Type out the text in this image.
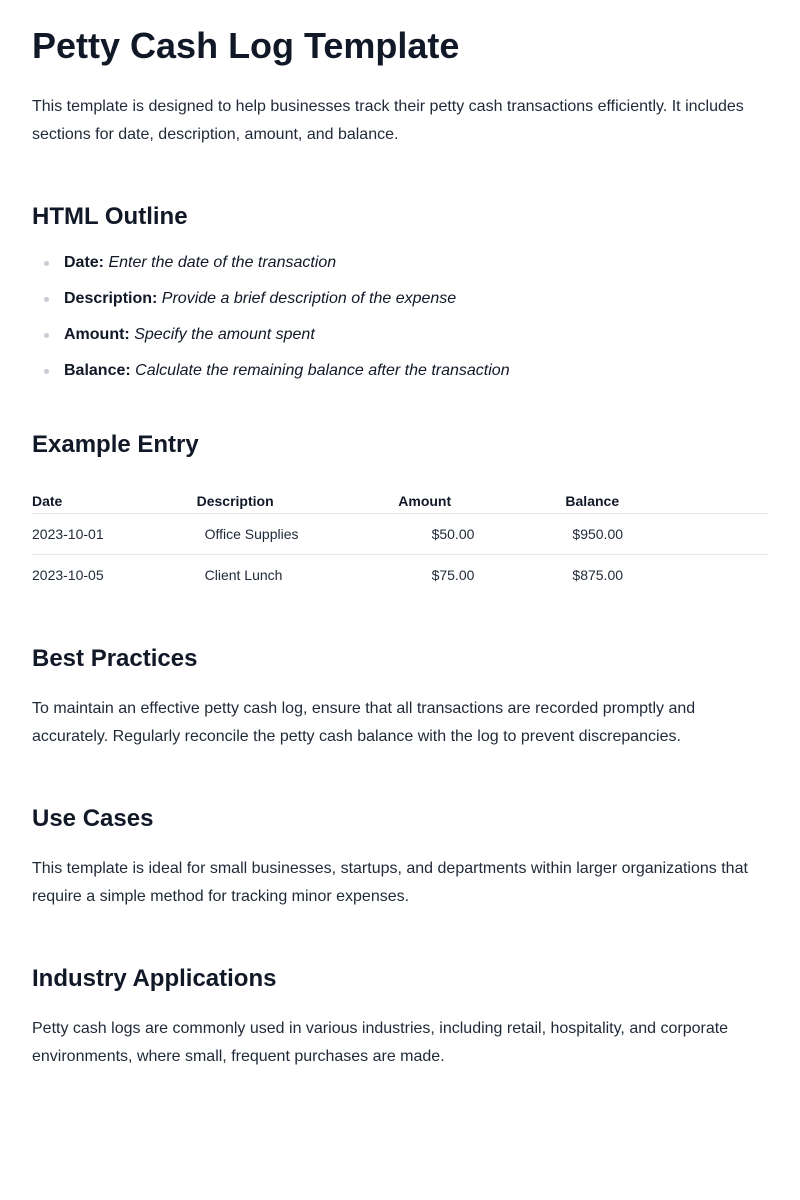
Petty Cash Log Template

This template is designed to help businesses track their petty cash transactions efficiently. It includes sections for date, description, amount, and balance.

HTML Outline
Date: Enter the date of the transaction
Description: Provide a brief description of the expense
Amount: Specify the amount spent
Balance: Calculate the remaining balance after the transaction
Example Entry
Date	Description	Amount	Balance
2023-10-01	Office Supplies	$50.00	$950.00
2023-10-05	Client Lunch	$75.00	$875.00
Best Practices

To maintain an effective petty cash log, ensure that all transactions are recorded promptly and accurately. Regularly reconcile the petty cash balance with the log to prevent discrepancies.

Use Cases

This template is ideal for small businesses, startups, and departments within larger organizations that require a simple method for tracking minor expenses.

Industry Applications

Petty cash logs are commonly used in various industries, including retail, hospitality, and corporate environments, where small, frequent purchases are made.
